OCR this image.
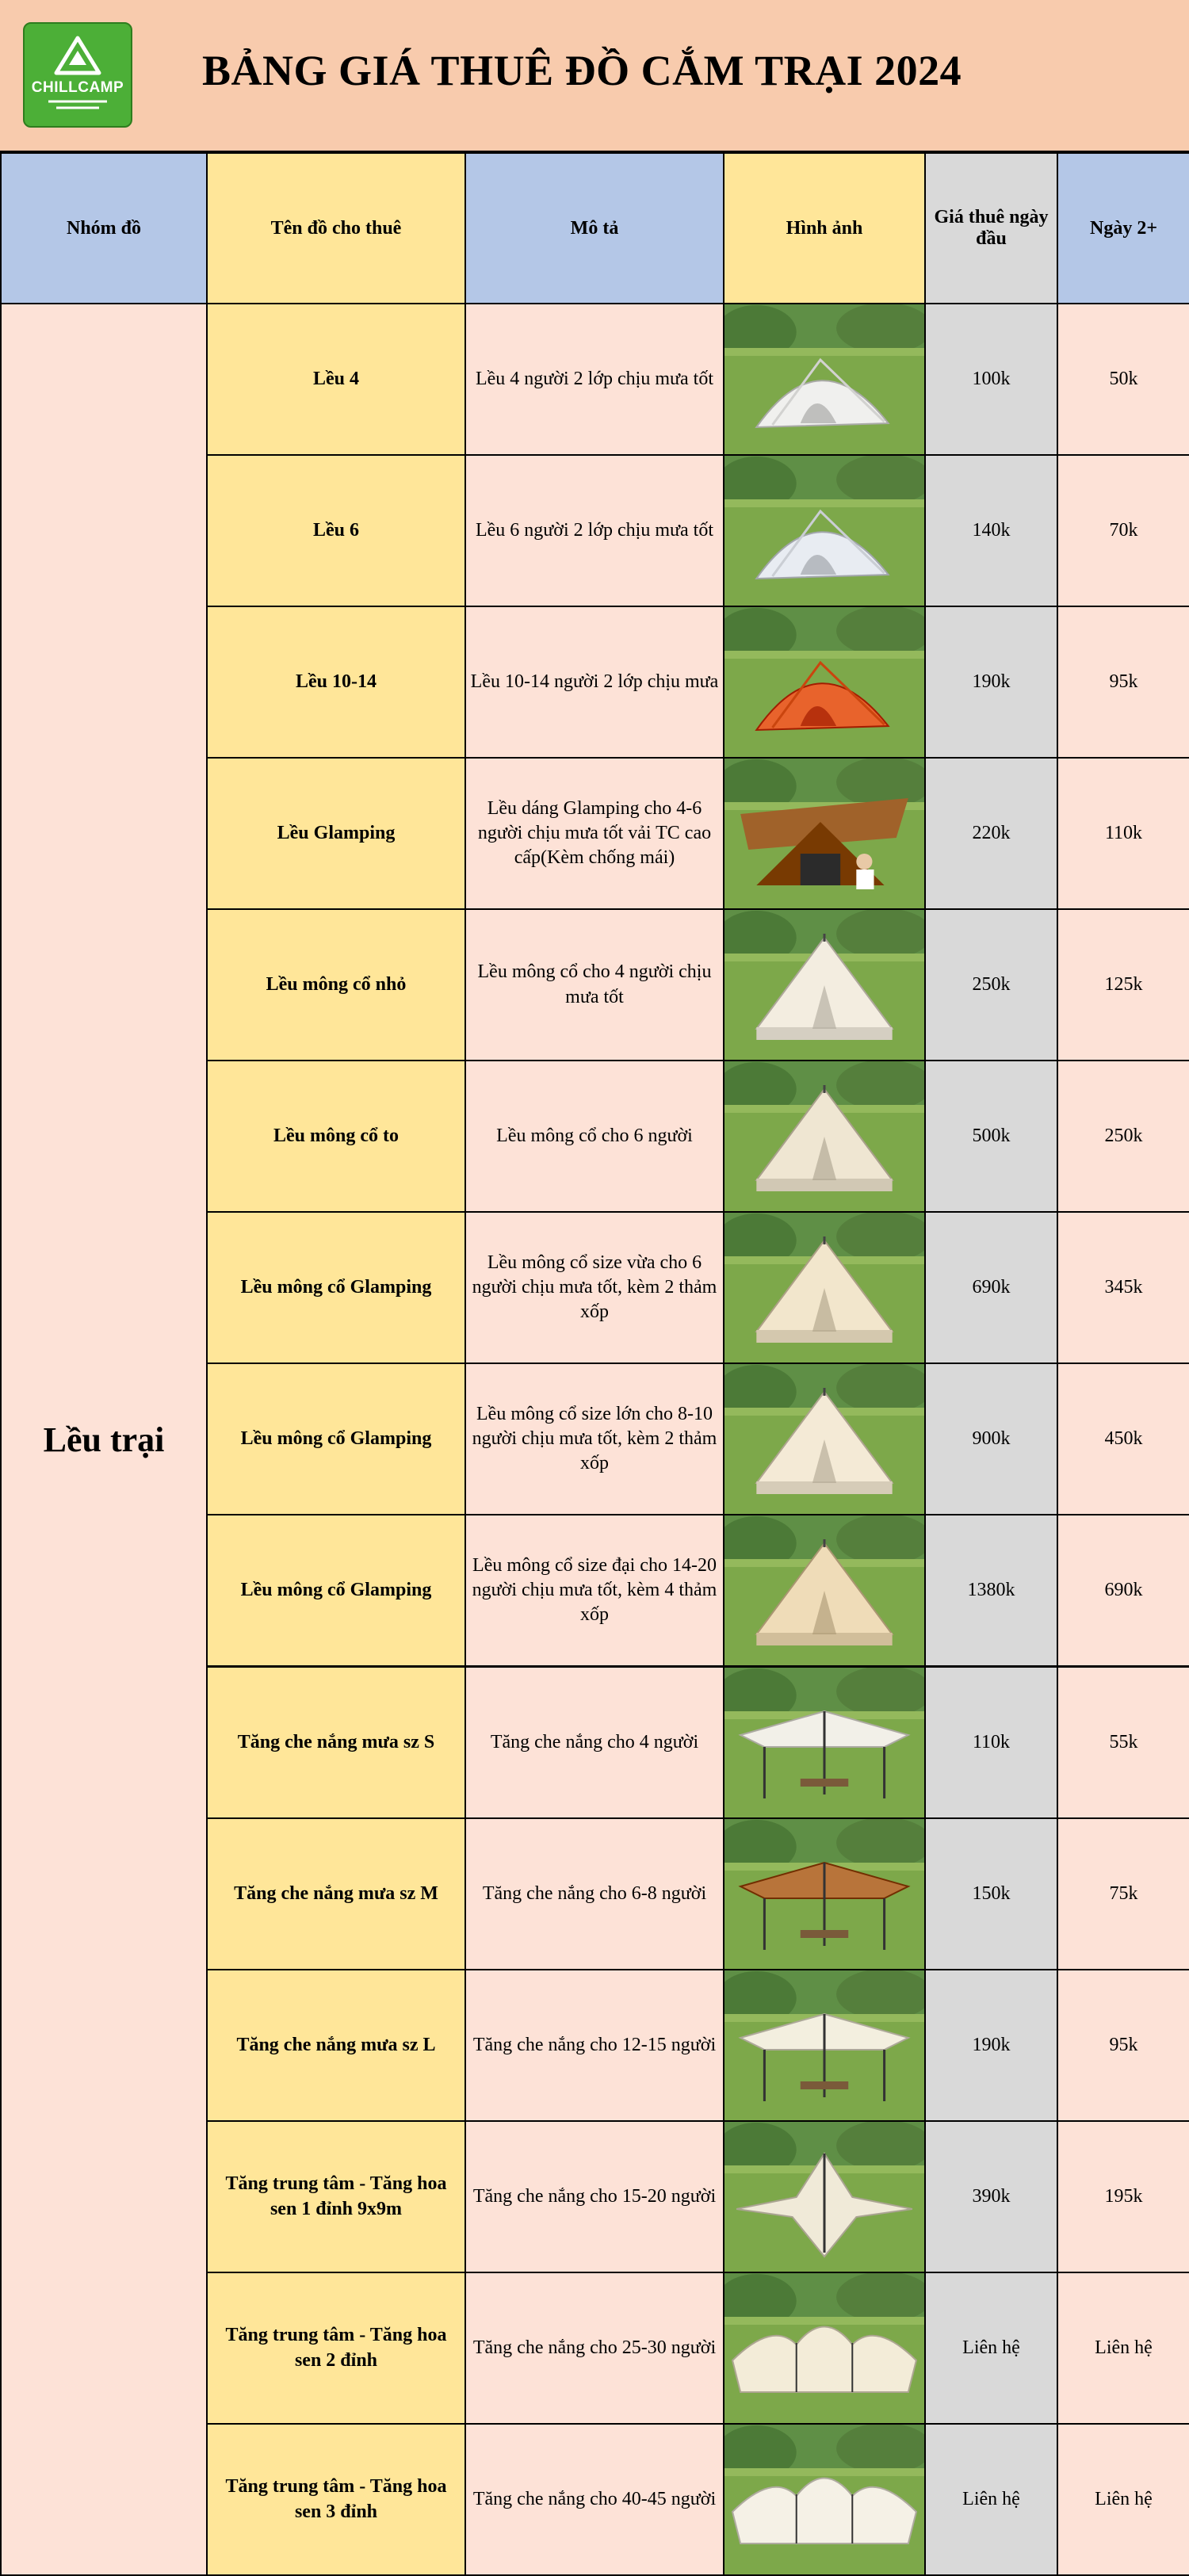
CHILLCAMP BẢNG GIÁ THUÊ ĐỒ CẮM TRẠI 2024
Nhóm đồ	Tên đồ cho thuê	Mô tả	Hình ảnh	Giá thuê ngày đầu	Ngày 2+
Lều trại	Lều 4	Lều 4 người 2 lớp chịu mưa tốt		100k	50k
	Lều 6	Lều 6 người 2 lớp chịu mưa tốt		140k	70k
	Lều 10-14	Lều 10-14 người 2 lớp chịu mưa		190k	95k
	Lều Glamping	Lều dáng Glamping cho 4-6 người chịu mưa tốt vải TC cao cấp(Kèm chống mái)		220k	110k
	Lều mông cổ nhỏ	Lều mông cổ cho 4 người chịu mưa tốt		250k	125k
	Lều mông cổ to	Lều mông cổ cho 6 người		500k	250k
	Lều mông cổ Glamping	Lều mông cổ size vừa cho 6 người chịu mưa tốt, kèm 2 thảm xốp		690k	345k
	Lều mông cổ Glamping	Lều mông cổ size lớn cho 8-10 người chịu mưa tốt, kèm 2 thảm xốp		900k	450k
	Lều mông cổ Glamping	Lều mông cổ size đại cho 14-20 người chịu mưa tốt, kèm 4 thảm xốp		1380k	690k
	Tăng che nắng mưa sz S	Tăng che nắng cho 4 người		110k	55k
	Tăng che nắng mưa sz M	Tăng che nắng cho 6-8 người		150k	75k
	Tăng che nắng mưa sz L	Tăng che nắng cho 12-15 người		190k	95k
	Tăng trung tâm - Tăng hoa sen 1 đỉnh 9x9m	Tăng che nắng cho 15-20 người		390k	195k
	Tăng trung tâm - Tăng hoa sen 2 đỉnh	Tăng che nắng cho 25-30 người		Liên hệ	Liên hệ
	Tăng trung tâm - Tăng hoa sen 3 đỉnh	Tăng che nắng cho 40-45 người		Liên hệ	Liên hệ
